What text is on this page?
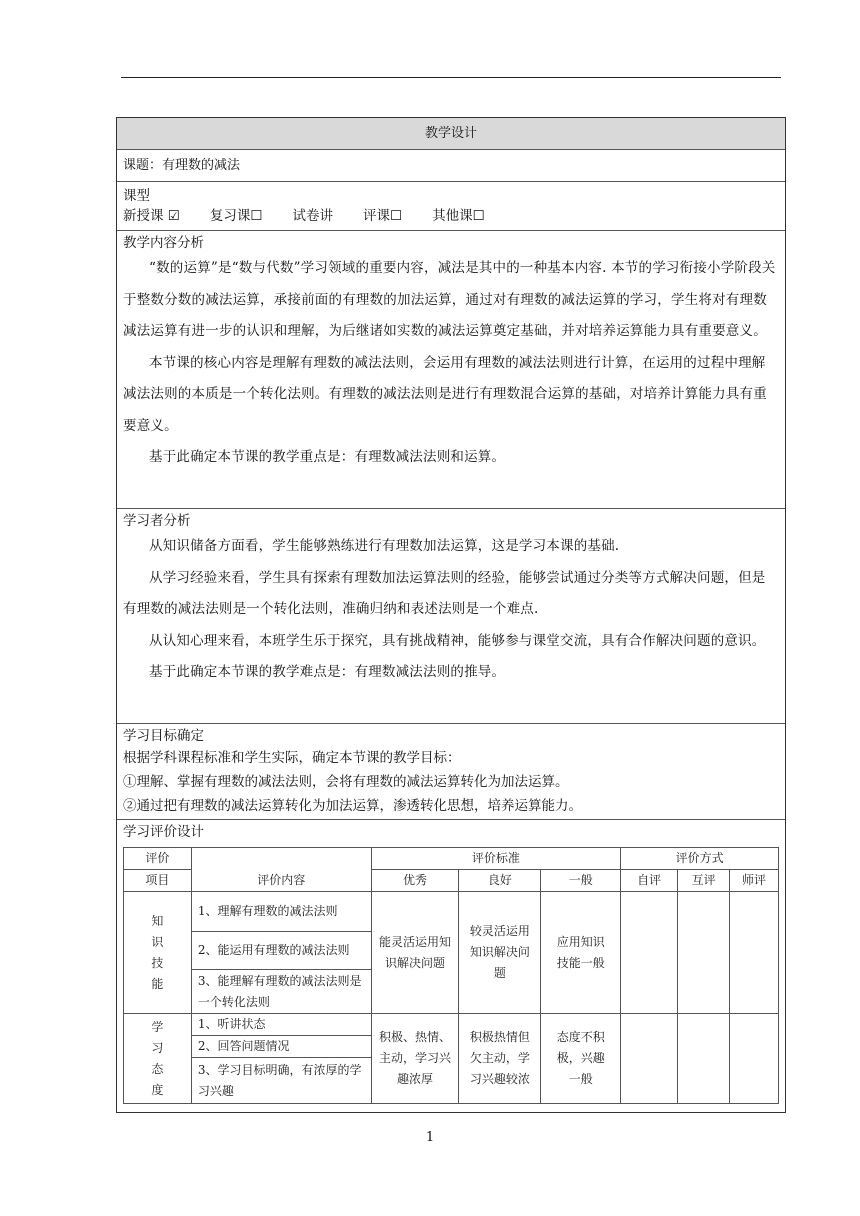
教学设计
课题：有理数的减法
课型
新授课 ☑ 复习课☐ 试卷讲 评课☐ 其他课☐
教学内容分析

“数的运算”是“数与代数”学习领域的重要内容，减法是其中的一种基本内容. 本节的学习衔接小学阶段关于整数分数的减法运算，承接前面的有理数的加法运算，通过对有理数的减法运算的学习，学生将对有理数减法运算有进一步的认识和理解，为后继诸如实数的减法运算奠定基础，并对培养运算能力具有重要意义。

本节课的核心内容是理解有理数的减法法则，会运用有理数的减法法则进行计算，在运用的过程中理解减法法则的本质是一个转化法则。有理数的减法法则是进行有理数混合运算的基础，对培养计算能力具有重要意义。

基于此确定本节课的教学重点是：有理数减法法则和运算。

学习者分析

从知识储备方面看，学生能够熟练进行有理数加法运算，这是学习本课的基础.

从学习经验来看，学生具有探索有理数加法运算法则的经验，能够尝试通过分类等方式解决问题，但是有理数的减法法则是一个转化法则，准确归纳和表述法则是一个难点.

从认知心理来看，本班学生乐于探究，具有挑战精神，能够参与课堂交流，具有合作解决问题的意识。

基于此确定本节课的教学难点是：有理数减法法则的推导。

学习目标确定
根据学科课程标准和学生实际，确定本节课的教学目标：
①理解、掌握有理数的减法法则，会将有理数的减法运算转化为加法运算。
②通过把有理数的减法运算转化为加法运算，渗透转化思想，培养运算能力。
学习评价设计
评价	评价内容	评价标准			评价方式		
项目		优秀	良好	一般	自评	互评	师评

知
识
技
能	1、理解有理数的减法法则	能灵活运用知识解决问题	较灵活运用知识解决问题	应用知识技能一般			
	2、能运用有理数的减法法则						
	3、能理解有理数的减法法则是一个转化法则						

学
习
态
度	1、听讲状态	积极、热情、主动，学习兴趣浓厚	积极热情但欠主动，学习兴趣较浓	态度不积极，兴趣一般			
	2、回答问题情况						
	3、学习目标明确，有浓厚的学习兴趣						
1
